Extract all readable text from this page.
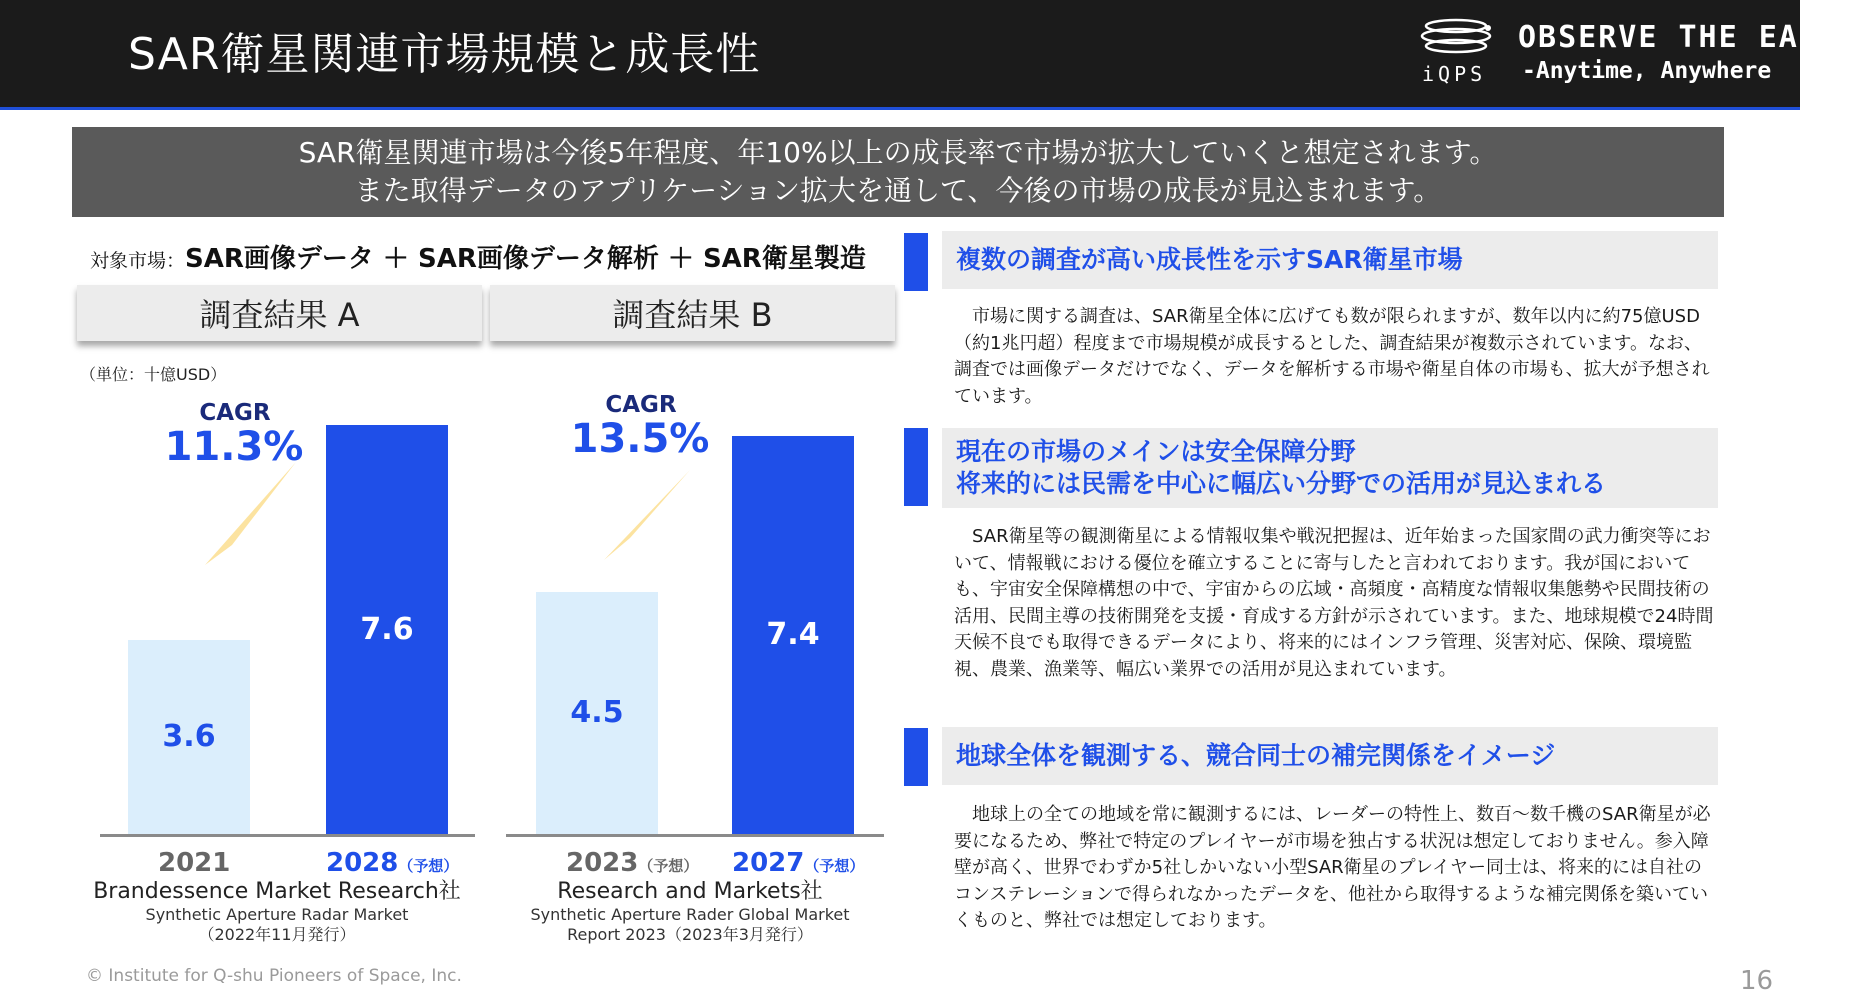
SAR衛星関連市場規模と成長性	iQPS
OBSERVE THE EARTH
-Anytime, Anywhere
SAR衛星関連市場は今後5年程度、年10%以上の成長率で市場が拡大していくと想定されます。
また取得データのアプリケーション拡大を通して、今後の市場の成長が見込まれます。
対象市場：SAR画像データ ＋ SAR画像データ解析 ＋ SAR衛星製造
調査結果 A	調査結果 B
（単位：十億USD）
CAGR
11.3%
3.6
2021
7.6
2028（予想）
Brandessence Market Research社
Synthetic Aperture Radar Market
（2022年11月発行）
CAGR
13.5%
4.5
2023（予想）
7.4
2027（予想）
Research and Markets社
Synthetic Aperture Rader Global Market
Report 2023（2023年3月発行）
複数の調査が高い成長性を示すSAR衛星市場
　市場に関する調査は、SAR衛星全体に広げても数が限られますが、数年以内に約75億USD（約1兆円超）程度まで市場規模が成長するとした、調査結果が複数示されています。なお、調査では画像データだけでなく、データを解析する市場や衛星自体の市場も、拡大が予想されています。
現在の市場のメインは安全保障分野
将来的には民需を中心に幅広い分野での活用が見込まれる
　SAR衛星等の観測衛星による情報収集や戦況把握は、近年始まった国家間の武力衝突等において、情報戦における優位を確立することに寄与したと言われております。我が国においても、宇宙安全保障構想の中で、宇宙からの広域・高頻度・高精度な情報収集態勢や民間技術の活用、民間主導の技術開発を支援・育成する方針が示されています。また、地球規模で24時間天候不良でも取得できるデータにより、将来的にはインフラ管理、災害対応、保険、環境監視、農業、漁業等、幅広い業界での活用が見込まれています。
地球全体を観測する、競合同士の補完関係をイメージ
　地球上の全ての地域を常に観測するには、レーダーの特性上、数百～数千機のSAR衛星が必要になるため、弊社で特定のプレイヤーが市場を独占する状況は想定しておりません。参入障壁が高く、世界でわずか5社しかいない小型SAR衛星のプレイヤー同士は、将来的には自社のコンステレーションで得られなかったデータを、他社から取得するような補完関係を築いていくものと、弊社では想定しております。
© Institute for Q-shu Pioneers of Space, Inc.	16
